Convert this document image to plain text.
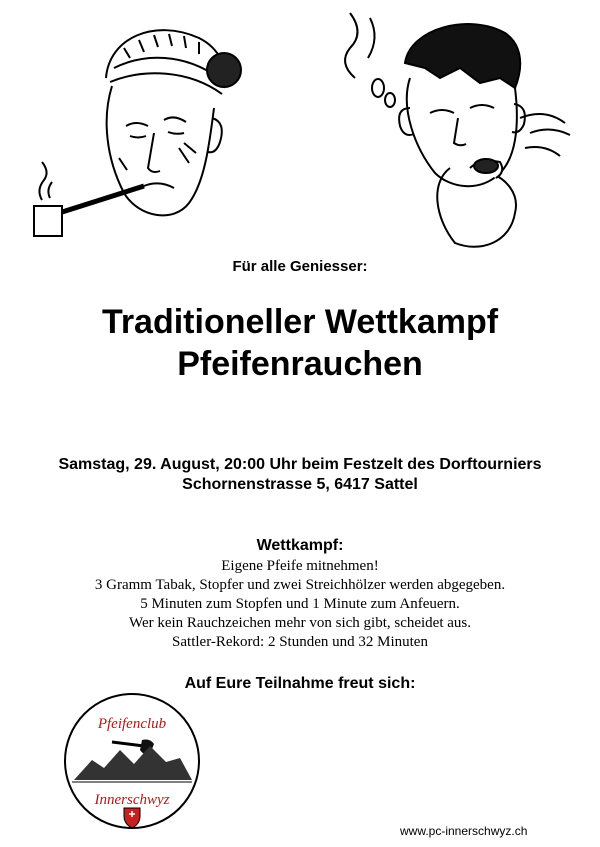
Für alle Geniesser:
Traditioneller Wettkampf
Pfeifenrauchen
Samstag, 29. August, 20:00 Uhr beim Festzelt des Dorftourniers
Schornenstrasse 5, 6417 Sattel
Wettkampf:
Eigene Pfeife mitnehmen!
3 Gramm Tabak, Stopfer und zwei Streichhölzer werden abgegeben.
5 Minuten zum Stopfen und 1 Minute zum Anfeuern.
Wer kein Rauchzeichen mehr von sich gibt, scheidet aus.
Sattler-Rekord: 2 Stunden und 32 Minuten
Auf Eure Teilnahme freut sich:
Pfeifenclub
Innerschwyz
www.pc-innerschwyz.ch
